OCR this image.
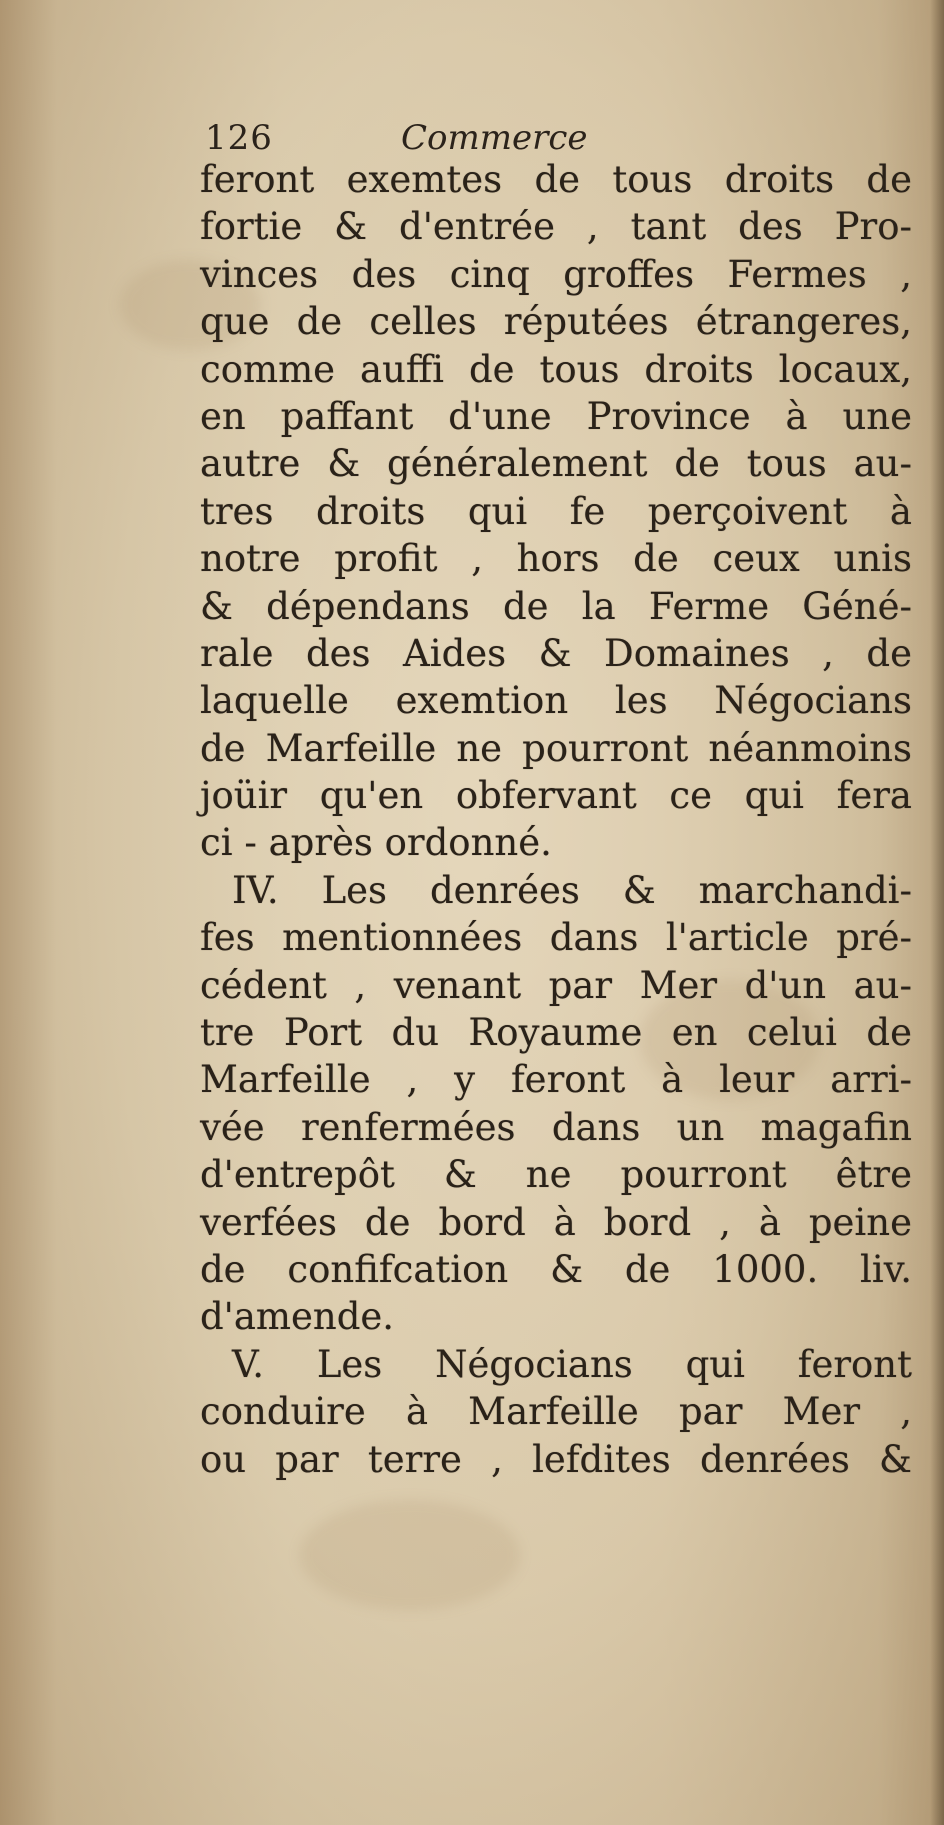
126	Commerce
feront exemtes de tous droits de
fortie & d'entrée , tant des Pro-
vinces des cinq groffes Fermes ,
que de celles réputées étrangeres,
comme auffi de tous droits locaux,
en paffant d'une Province à une
autre & généralement de tous au-
tres droits qui fe perçoivent à
notre profit , hors de ceux unis
& dépendans de la Ferme Géné-
rale des Aides & Domaines , de
laquelle exemtion les Négocians
de Marfeille ne pourront néanmoins
joüir qu'en obfervant ce qui fera
ci - après ordonné.
IV. Les denrées & marchandi-
fes mentionnées dans l'article pré-
cédent , venant par Mer d'un au-
tre Port du Royaume en celui de
Marfeille , y feront à leur arri-
vée renfermées dans un magafin
d'entrepôt & ne pourront être
verfées de bord à bord , à peine
de confifcation & de 1000. liv.
d'amende.
V. Les Négocians qui feront
conduire à Marfeille par Mer ,
ou par terre , lefdites denrées &
